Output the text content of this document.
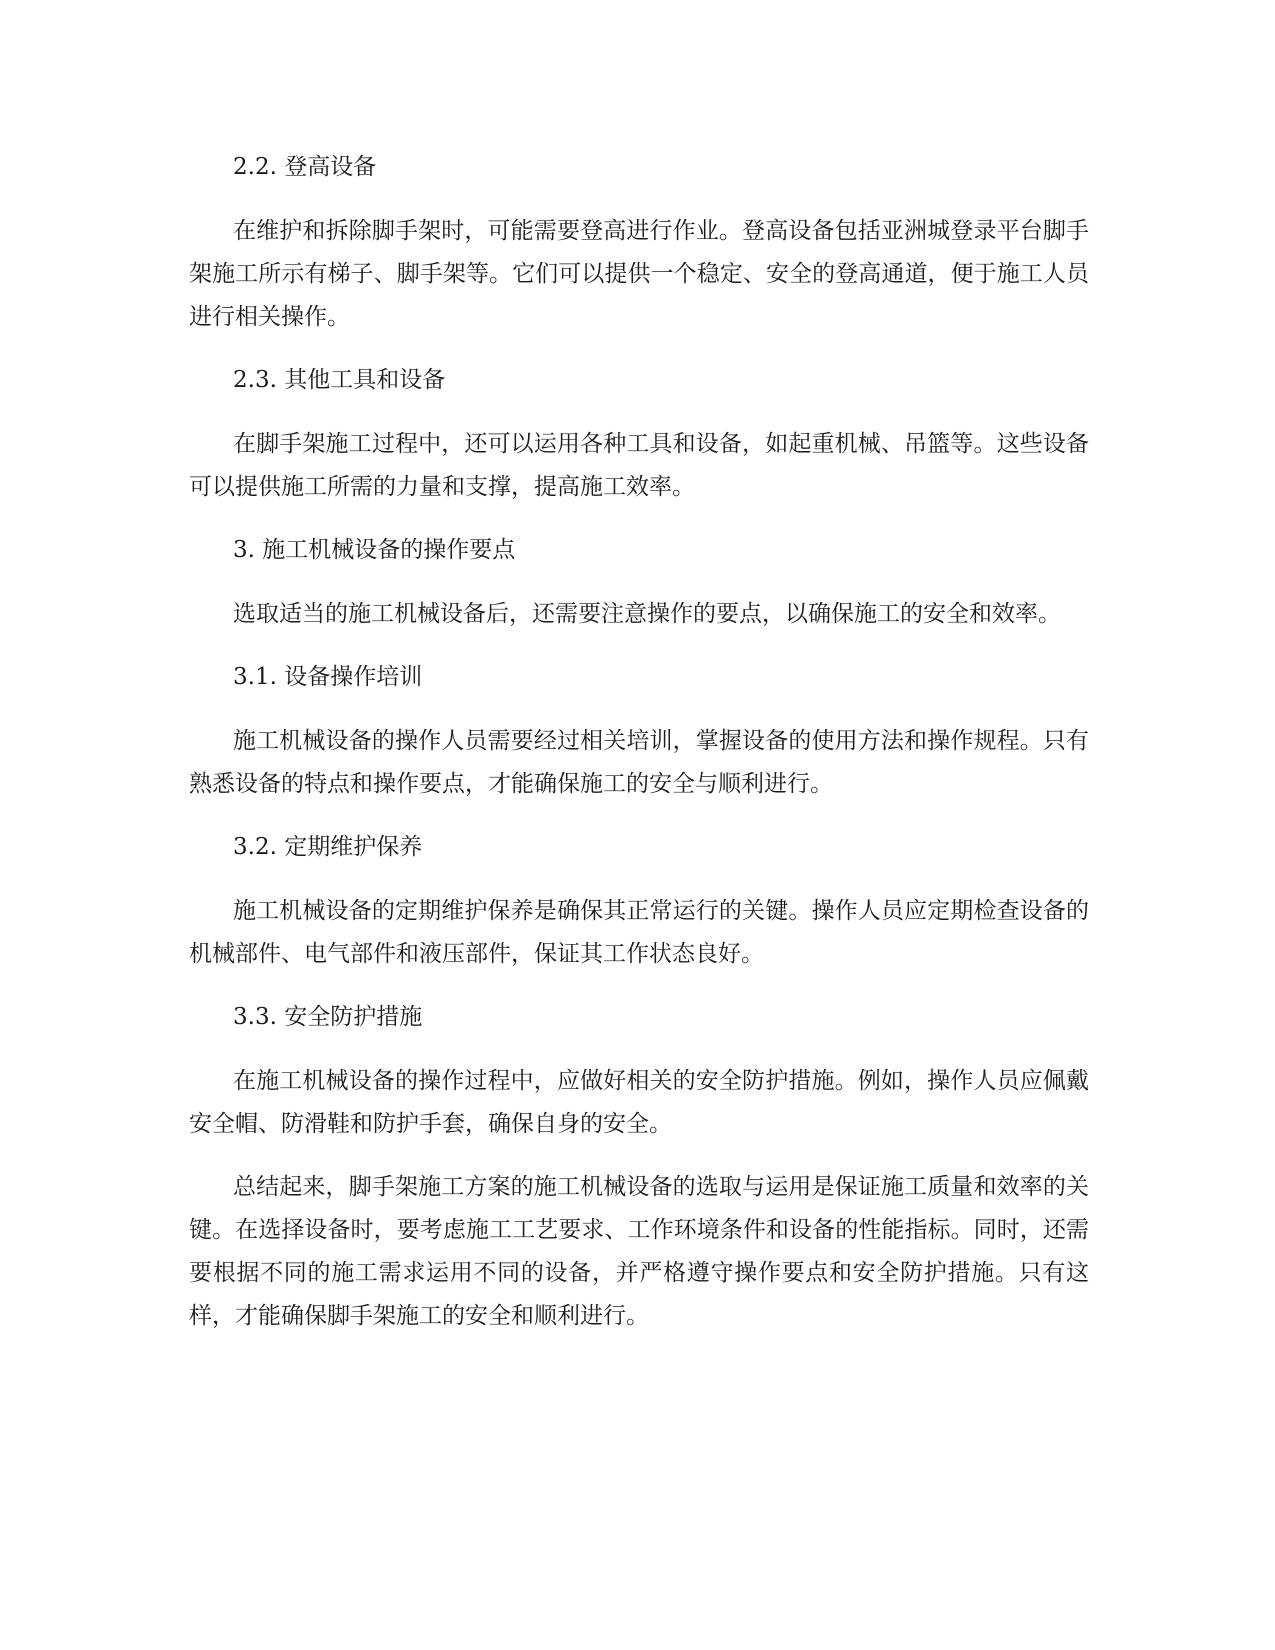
2.2. 登高设备

在维护和拆除脚手架时，可能需要登高进行作业。登高设备包括亚洲城登录平台脚手架施工所示有梯子、脚手架等。它们可以提供一个稳定、安全的登高通道，便于施工人员进行相关操作。

2.3. 其他工具和设备

在脚手架施工过程中，还可以运用各种工具和设备，如起重机械、吊篮等。这些设备可以提供施工所需的力量和支撑，提高施工效率。

3. 施工机械设备的操作要点

选取适当的施工机械设备后，还需要注意操作的要点，以确保施工的安全和效率。

3.1. 设备操作培训

施工机械设备的操作人员需要经过相关培训，掌握设备的使用方法和操作规程。只有熟悉设备的特点和操作要点，才能确保施工的安全与顺利进行。

3.2. 定期维护保养

施工机械设备的定期维护保养是确保其正常运行的关键。操作人员应定期检查设备的机械部件、电气部件和液压部件，保证其工作状态良好。

3.3. 安全防护措施

在施工机械设备的操作过程中，应做好相关的安全防护措施。例如，操作人员应佩戴安全帽、防滑鞋和防护手套，确保自身的安全。

总结起来，脚手架施工方案的施工机械设备的选取与运用是保证施工质量和效率的关键。在选择设备时，要考虑施工工艺要求、工作环境条件和设备的性能指标。同时，还需要根据不同的施工需求运用不同的设备，并严格遵守操作要点和安全防护措施。只有这样，才能确保脚手架施工的安全和顺利进行。
